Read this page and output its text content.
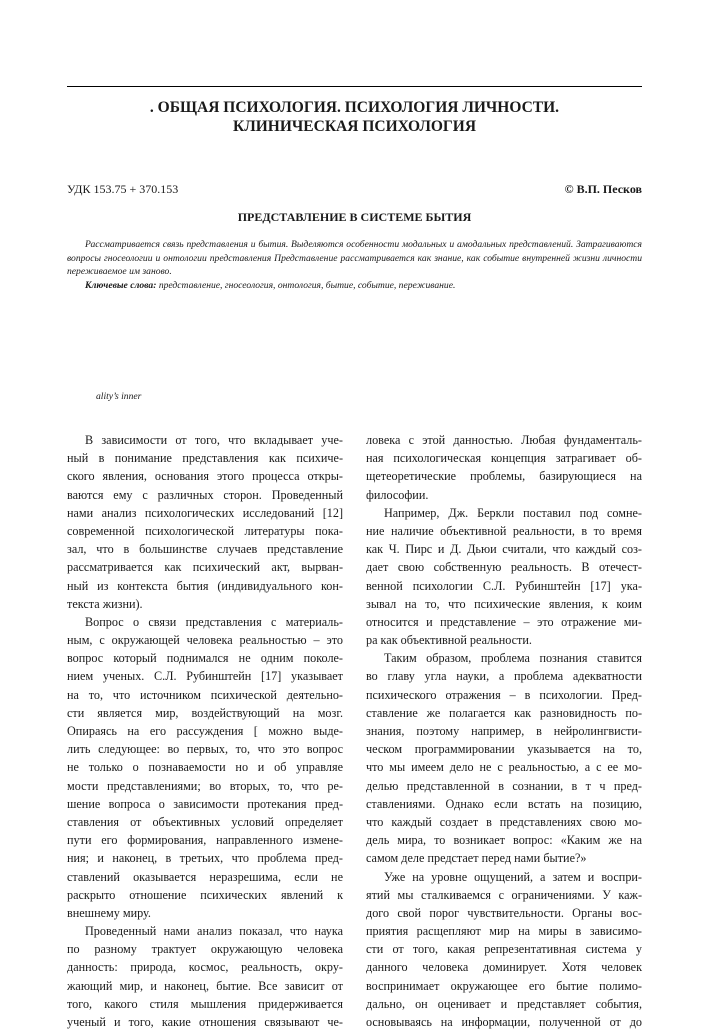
. ОБЩАЯ ПСИХОЛОГИЯ. ПСИХОЛОГИЯ ЛИЧНОСТИ.
КЛИНИЧЕСКАЯ ПСИХОЛОГИЯ
УДК 153.75 + 370.153	© В.П. Песков
ПРЕДСТАВЛЕНИЕ В СИСТЕМЕ БЫТИЯ

Рассматривается связь представления и бытия. Выделяются особенности модальных и амодальных представлений. Затрагиваются вопросы гносеологии и онтологии представления Представление рассматривается как знание, как событие внутренней жизни личности переживаемое им заново.

Ключевые слова: представление, гносеология, онтология, бытие, событие, переживание.

ality’s inner
В зависимости от того, что вкладывает уче-
ный в понимание представления как психиче-
ского явления, основания этого процесса откры-
ваются ему с различных сторон. Проведенный
нами анализ психологических исследований [12]
современной психологической литературы пока-
зал, что в большинстве случаев представление
рассматривается как психический акт, вырван-
ный из контекста бытия (индивидуального кон-
текста жизни).
Вопрос о связи представления с материаль-
ным, с окружающей человека реальностью – это
вопрос который поднимался не одним поколе-
нием ученых. С.Л. Рубинштейн [17] указывает
на то, что источником психической деятельно-
сти является мир, воздействующий на мозг.
Опираясь на его рассуждения [ можно выде-
лить следующее: во первых, то, что это вопрос
не только о познаваемости но и об управляе
мости представлениями; во вторых, то, что ре-
шение вопроса о зависимости протекания пред-
ставления от объективных условий определяет
пути его формирования, направленного измене-
ния; и наконец, в третьих, что проблема пред-
ставлений оказывается неразрешима, если не
раскрыто отношение психических явлений к
внешнему миру.
Проведенный нами анализ показал, что наука
по разному трактует окружающую человека
данность: природа, космос, реальность, окру-
жающий мир, и наконец, бытие. Все зависит от
того, какого стиля мышления придерживается
ученый и того, какие отношения связывают че-
ловека с этой данностью. Любая фундаменталь-
ная психологическая концепция затрагивает об-
щетеоретические проблемы, базирующиеся на
философии.
Например, Дж. Беркли поставил под сомне-
ние наличие объективной реальности, в то время
как Ч. Пирс и Д. Дьюи считали, что каждый соз-
дает свою собственную реальность. В отечест-
венной психологии С.Л. Рубинштейн [17] ука-
зывал на то, что психические явления, к коим
относится и представление – это отражение ми-
ра как объективной реальности.
Таким образом, проблема познания ставится
во главу угла науки, а проблема адекватности
психического отражения – в психологии. Пред-
ставление же полагается как разновидность по-
знания, поэтому например, в нейролингвисти-
ческом программировании указывается на то,
что мы имеем дело не с реальностью, а с ее мо-
делью представленной в сознании, в т ч пред-
ставлениями. Однако если встать на позицию,
что каждый создает в представлениях свою мо-
дель мира, то возникает вопрос: «Каким же на
самом деле предстает перед нами бытие?»
Уже на уровне ощущений, а затем и воспри-
ятий мы сталкиваемся с ограничениями. У каж-
дого свой порог чувствительности. Органы вос-
приятия расщепляют мир на миры в зависимо-
сти от того, какая репрезентативная система у
данного человека доминирует. Хотя человек
воспринимает окружающее его бытие полимо-
дально, он оценивает и представляет события,
основываясь на информации, полученной от до
